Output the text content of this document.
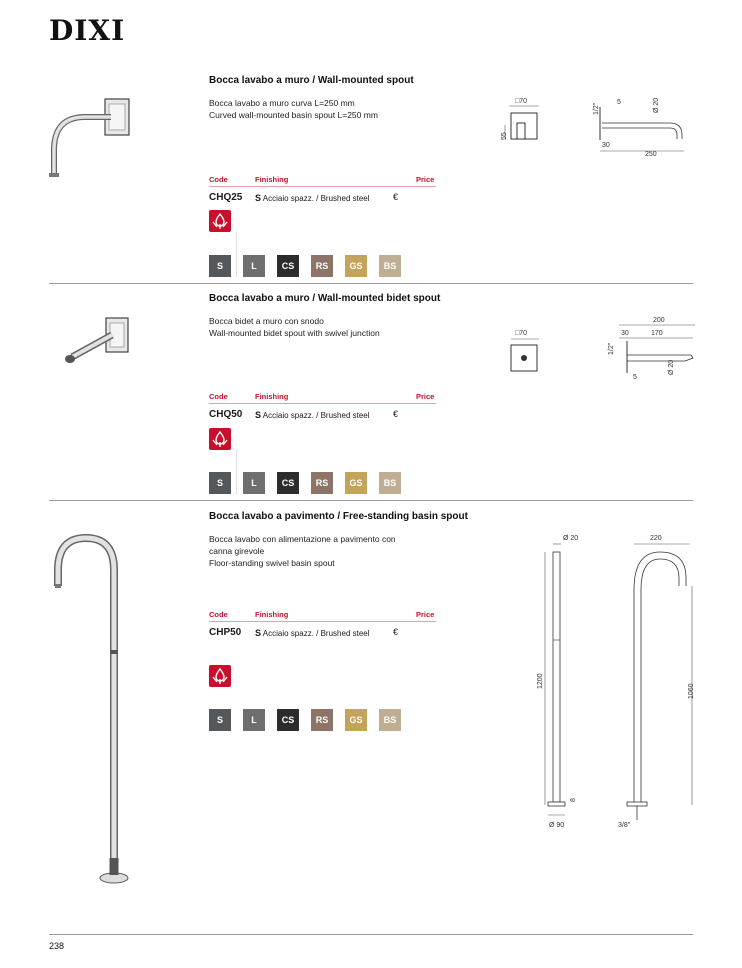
DIXI
Bocca lavabo a muro / Wall-mounted spout
Bocca lavabo a muro curva L=250 mm
Curved wall-mounted basin spout L=250 mm
□70
55
5
1/2"	Ø 20
30
250
Code	Finishing	Price
CHQ25 S Acciaio spazz. / Brushed steel	€
S	L	CS	RS	GS	BS
Bocca lavabo a muro / Wall-mounted bidet spout
Bocca bidet a muro con snodo
Wall-mounted bidet spout with swivel junction	□70
200
30	170
1/2"
5
Ø 20
Code	Finishing	Price
CHQ50 S Acciaio spazz. / Brushed steel	€
S	L	CS	RS	GS	BS
Bocca lavabo a pavimento / Free-standing basin spout
Bocca lavabo con alimentazione a pavimento con
canna girevole
Floor-standing swivel basin spout
Ø 20
1200
8
Ø 90
220
1060
3/8"
Code	Finishing	Price
CHP50 S Acciaio spazz. / Brushed steel	€
S	L	CS	RS	GS	BS
238
